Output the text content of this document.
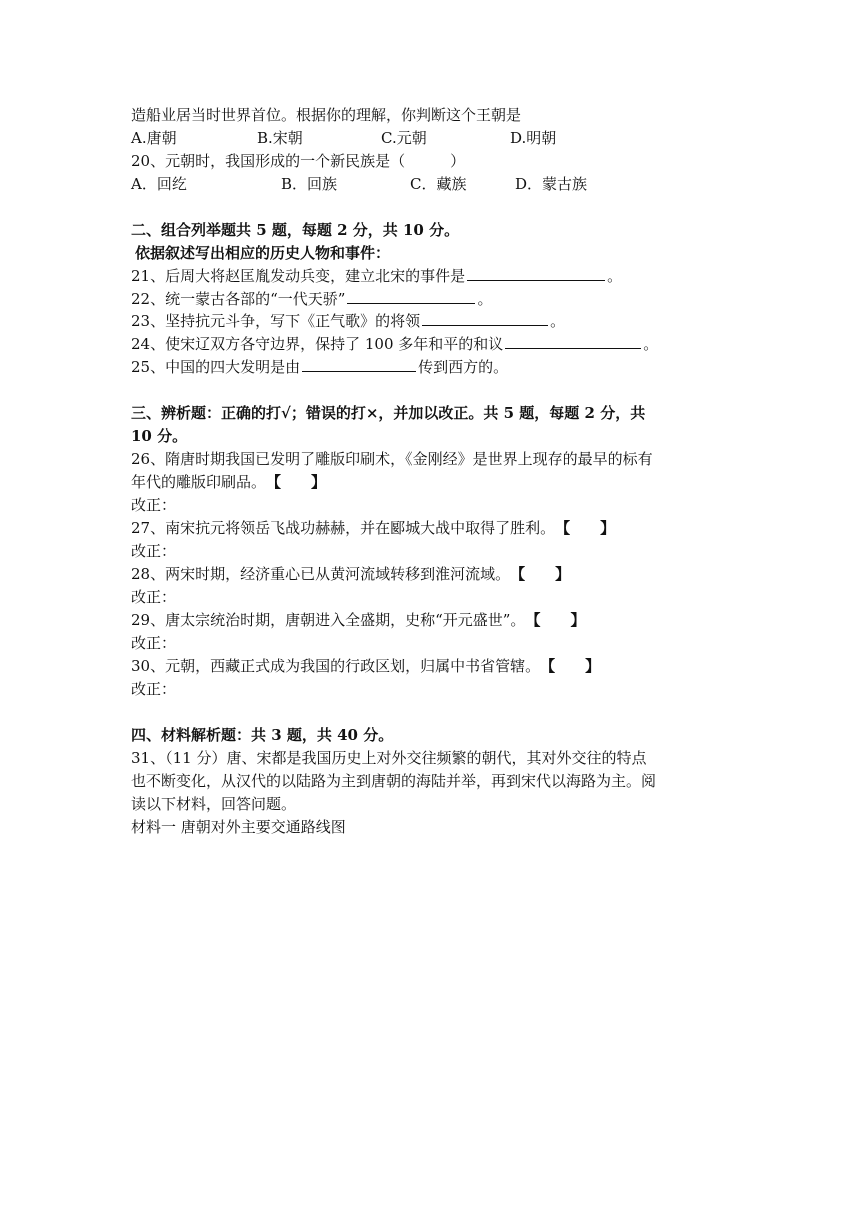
造船业居当时世界首位。根据你的理解，你判断这个王朝是
A.唐朝	B.宋朝	C.元朝	D.明朝
20、元朝时，我国形成的一个新民族是（　　　）
A．回纥	B．回族	C．藏族	D．蒙古族
二、组合列举题共 5 题，每题 2 分，共 10 分。
依据叙述写出相应的历史人物和事件：
21、后周大将赵匡胤发动兵变，建立北宋的事件是	。
22、统一蒙古各部的“一代天骄”	。
23、坚持抗元斗争，写下《正气歌》的将领	。
24、使宋辽双方各守边界，保持了 100 多年和平的和议	。
25、中国的四大发明是由	传到西方的。
三、辨析题：正确的打√；错误的打×，并加以改正。共 5 题，每题 2 分，共
10 分。
26、隋唐时期我国已发明了雕版印刷术，《金刚经》是世界上现存的最早的标有
年代的雕版印刷品。【　　】
改正：
27、南宋抗元将领岳飞战功赫赫，并在郾城大战中取得了胜利。【　　】
改正：
28、两宋时期，经济重心已从黄河流域转移到淮河流域。【　　】
改正：
29、唐太宗统治时期，唐朝进入全盛期，史称“开元盛世”。【　　】
改正：
30、元朝，西藏正式成为我国的行政区划，归属中书省管辖。【　　】
改正：
四、材料解析题：共 3 题，共 40 分。
31、（11 分）唐、宋都是我国历史上对外交往频繁的朝代，其对外交往的特点
也不断变化，从汉代的以陆路为主到唐朝的海陆并举，再到宋代以海路为主。阅
读以下材料，回答问题。
材料一 唐朝对外主要交通路线图
